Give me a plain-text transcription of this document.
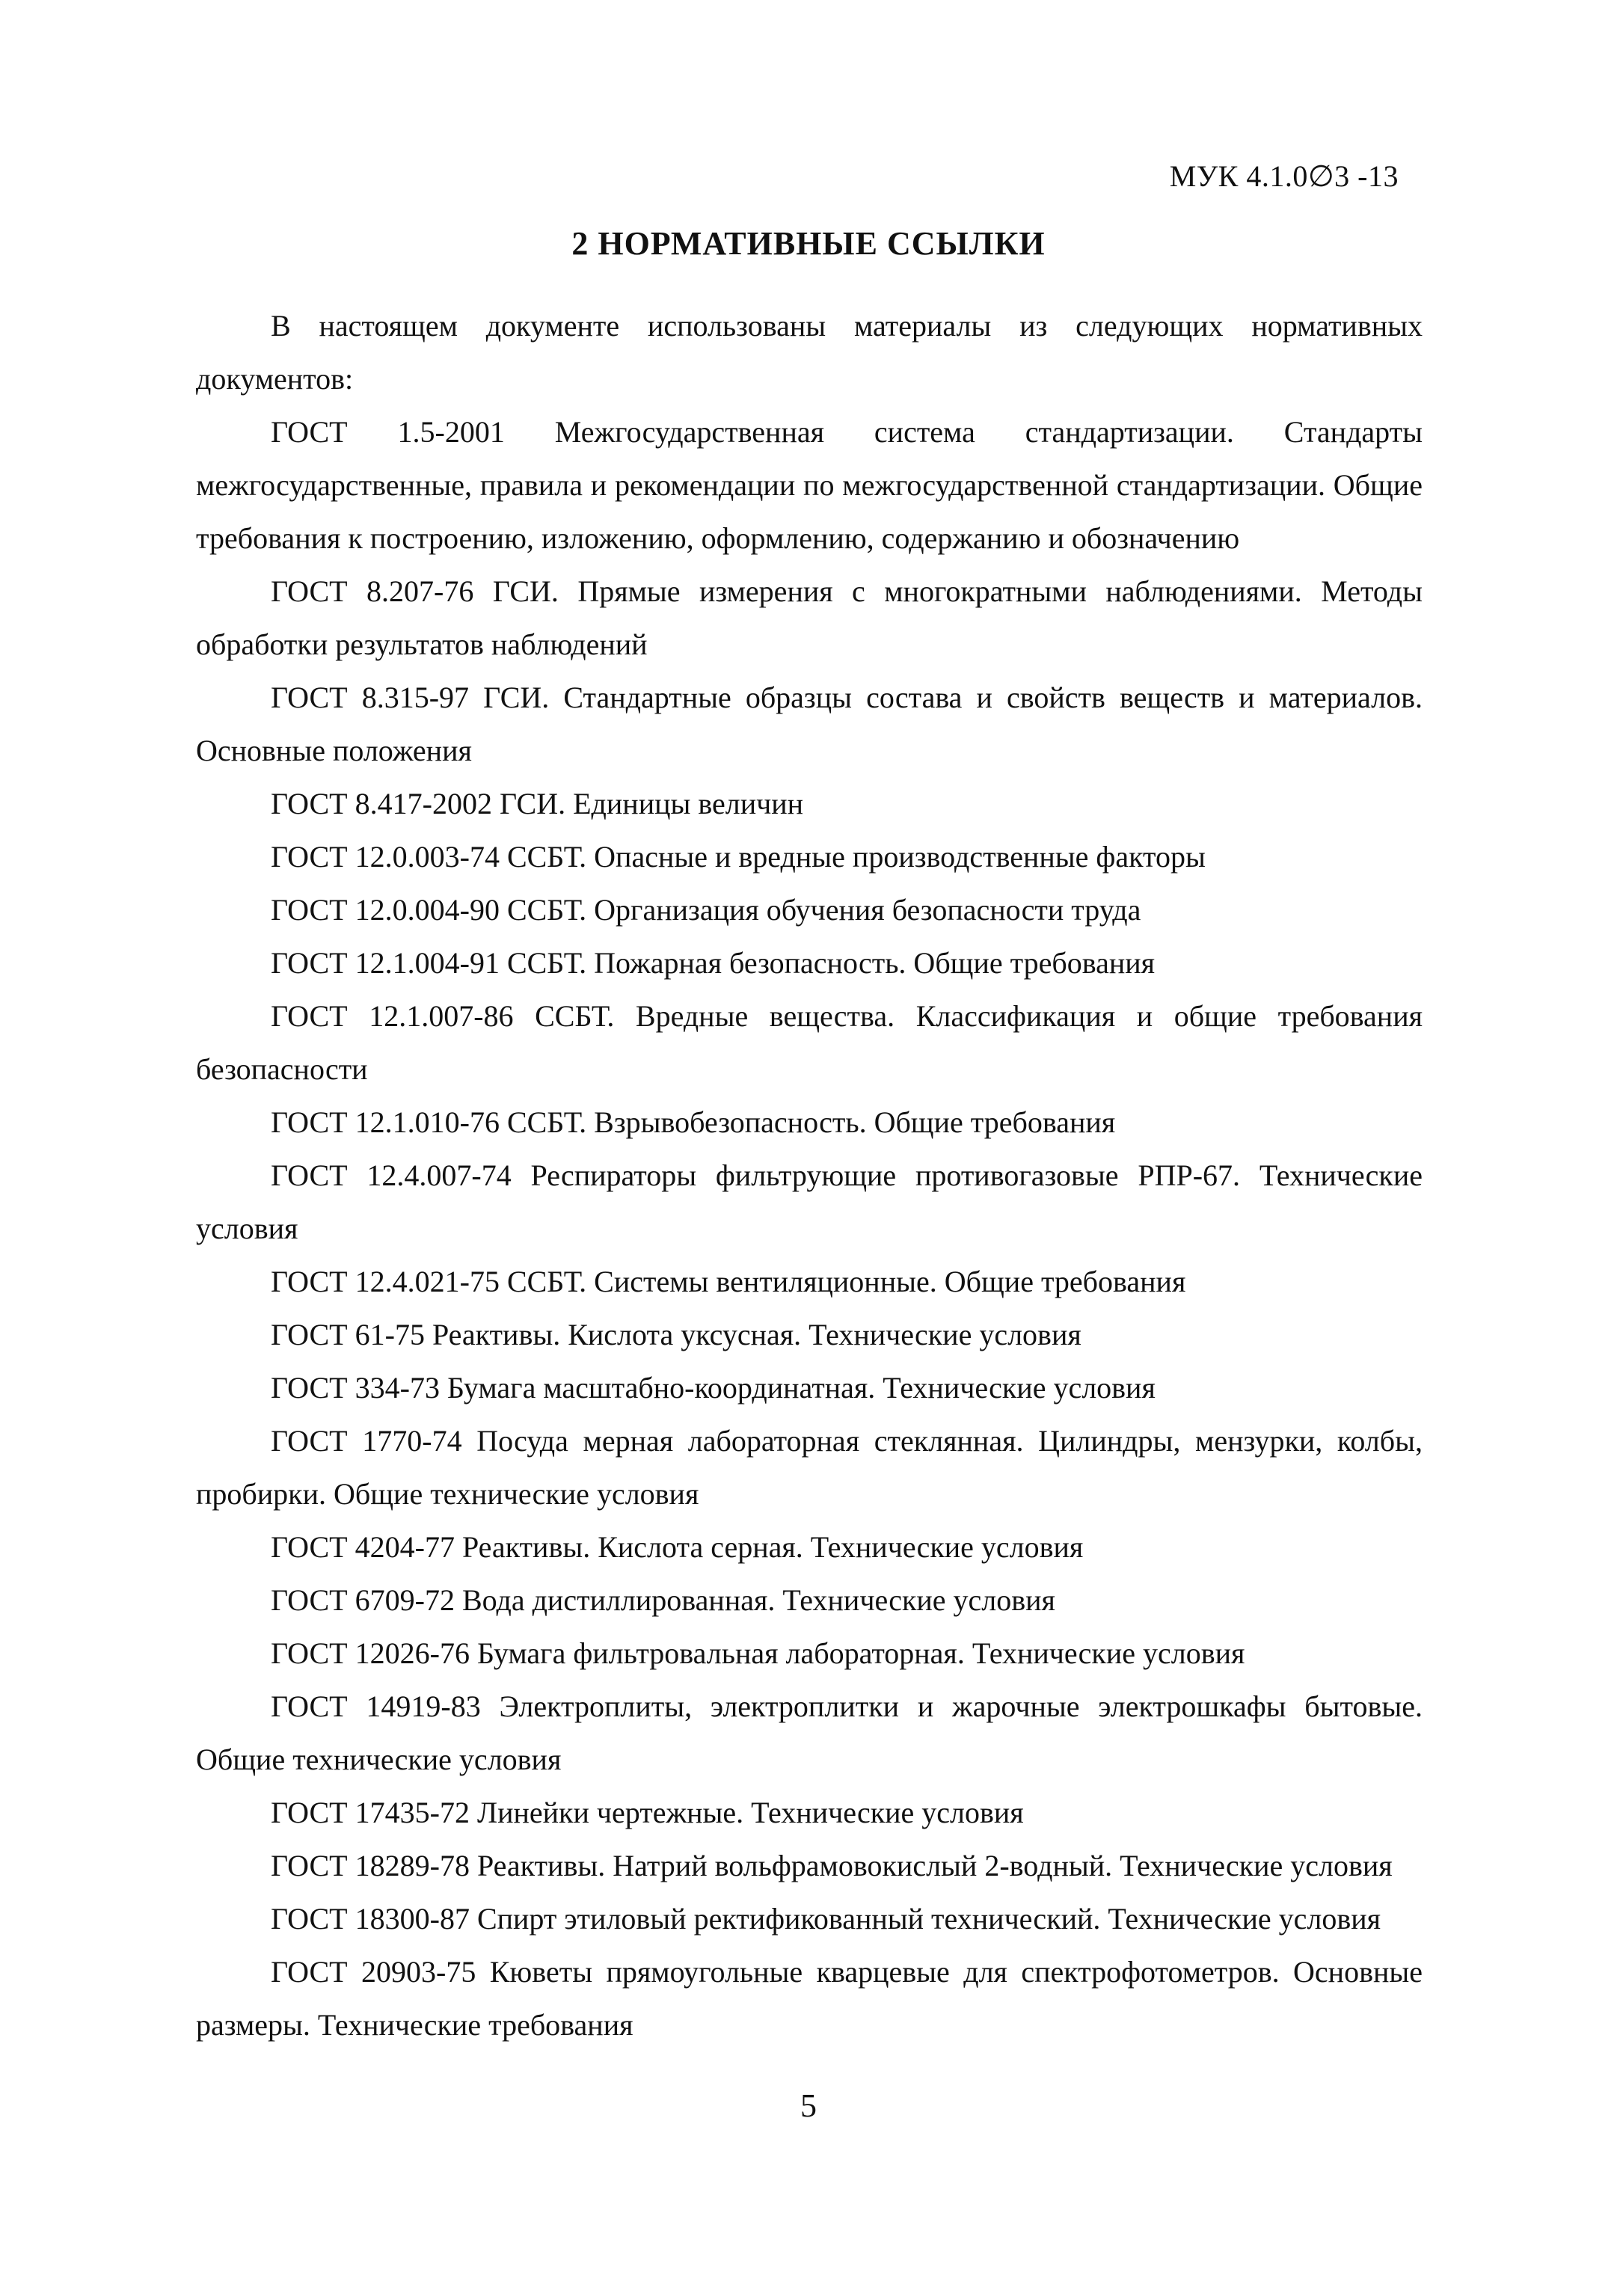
МУК 4.1.0∅3 -13
2 НОРМАТИВНЫЕ ССЫЛКИ

В настоящем документе использованы материалы из следующих нормативных документов:

ГОСТ 1.5-2001 Межгосударственная система стандартизации. Стандарты межгосударственные, правила и рекомендации по межгосударственной стандартизации. Общие требования к построению, изложению, оформлению, содержанию и обозначению

ГОСТ 8.207-76 ГСИ. Прямые измерения с многократными наблюдениями. Методы обработки результатов наблюдений

ГОСТ 8.315-97 ГСИ. Стандартные образцы состава и свойств веществ и материалов. Основные положения

ГОСТ 8.417-2002 ГСИ. Единицы величин

ГОСТ 12.0.003-74 ССБТ. Опасные и вредные производственные факторы

ГОСТ 12.0.004-90 ССБТ. Организация обучения безопасности труда

ГОСТ 12.1.004-91 ССБТ. Пожарная безопасность. Общие требования

ГОСТ 12.1.007-86 ССБТ. Вредные вещества. Классификация и общие требования безопасности

ГОСТ 12.1.010-76 ССБТ. Взрывобезопасность. Общие требования

ГОСТ 12.4.007-74 Респираторы фильтрующие противогазовые РПР-67. Технические условия

ГОСТ 12.4.021-75 ССБТ. Системы вентиляционные. Общие требования

ГОСТ 61-75 Реактивы. Кислота уксусная. Технические условия

ГОСТ 334-73 Бумага масштабно-координатная. Технические условия

ГОСТ 1770-74 Посуда мерная лабораторная стеклянная. Цилиндры, мензурки, колбы, пробирки. Общие технические условия

ГОСТ 4204-77 Реактивы. Кислота серная. Технические условия

ГОСТ 6709-72 Вода дистиллированная. Технические условия

ГОСТ 12026-76 Бумага фильтровальная лабораторная. Технические условия

ГОСТ 14919-83 Электроплиты, электроплитки и жарочные электрошкафы бытовые. Общие технические условия

ГОСТ 17435-72 Линейки чертежные. Технические условия

ГОСТ 18289-78 Реактивы. Натрий вольфрамовокислый 2-водный. Технические условия

ГОСТ 18300-87 Спирт этиловый ректификованный технический. Технические условия

ГОСТ 20903-75 Кюветы прямоугольные кварцевые для спектрофотометров. Основные размеры. Технические требования

5
